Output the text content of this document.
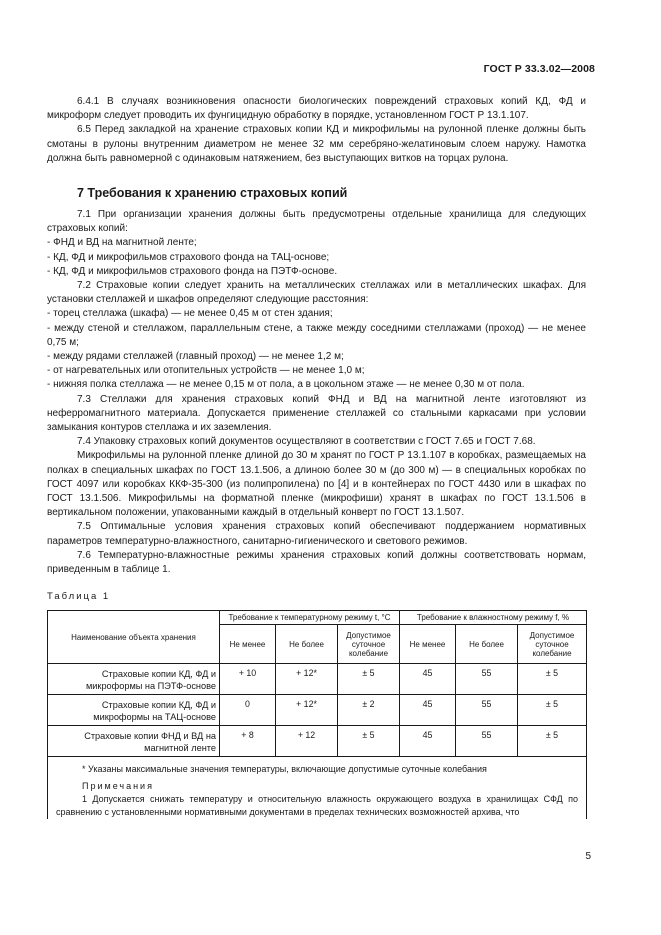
ГОСТ Р 33.3.02—2008

6.4.1 В случаях возникновения опасности биологических повреждений страховых копий КД, ФД и микроформ следует проводить их фунгицидную обработку в порядке, установленном ГОСТ Р 13.1.107.

6.5 Перед закладкой на хранение страховых копии КД и микрофильмы на рулонной пленке должны быть смотаны в рулоны внутренним диаметром не менее 32 мм серебряно-желатиновым слоем наружу. Намотка должна быть равномерной с одинаковым натяжением, без выступающих витков на торцах рулона.

7 Требования к хранению страховых копий

7.1 При организации хранения должны быть предусмотрены отдельные хранилища для следующих страховых копий:

- ФНД и ВД на магнитной ленте;

- КД, ФД и микрофильмов страхового фонда на ТАЦ-основе;

- КД, ФД и микрофильмов страхового фонда на ПЭТФ-основе.

7.2 Страховые копии следует хранить на металлических стеллажах или в металлических шкафах. Для установки стеллажей и шкафов определяют следующие расстояния:

- торец стеллажа (шкафа) — не менее 0,45 м от стен здания;

- между стеной и стеллажом, параллельным стене, а также между соседними стеллажами (проход) — не менее 0,75 м;

- между рядами стеллажей (главный проход) — не менее 1,2 м;

- от нагревательных или отопительных устройств — не менее 1,0 м;

- нижняя полка стеллажа — не менее 0,15 м от пола, а в цокольном этаже — не менее 0,30 м от пола.

7.3 Стеллажи для хранения страховых копий ФНД и ВД на магнитной ленте изготовляют из неферромагнитного материала. Допускается применение стеллажей со стальными каркасами при условии замыкания контуров стеллажа и их заземления.

7.4 Упаковку страховых копий документов осуществляют в соответствии с ГОСТ 7.65 и ГОСТ 7.68.

Микрофильмы на рулонной пленке длиной до 30 м хранят по ГОСТ Р 13.1.107 в коробках, размещаемых на полках в специальных шкафах по ГОСТ 13.1.506, а длиною более 30 м (до 300 м) — в специальных коробках по ГОСТ 4097 или коробках ККФ-35-300 (из полипропилена) по [4] и в контейнерах по ГОСТ 4430 или в шкафах по ГОСТ 13.1.506. Микрофильмы на форматной пленке (микрофиши) хранят в шкафах по ГОСТ 13.1.506 в вертикальном положении, упакованными каждый в отдельный конверт по ГОСТ 13.1.507.

7.5 Оптимальные условия хранения страховых копий обеспечивают поддержанием нормативных параметров температурно-влажностного, санитарно-гигиенического и светового режимов.

7.6 Температурно-влажностные режимы хранения страховых копий должны соответствовать нормам, приведенным в таблице 1.

Таблица 1
Наименование объекта хранения	Требование к температурному режиму t, °C			Требование к влажностному режиму f, %		
	Не менее	Не более	Допустимое суточное колебание	Не менее	Не более	Допустимое суточное колебание
Страховые копии КД, ФД и микроформы на ПЭТФ-основе	+ 10	+ 12*	± 5	45	55	± 5
Страховые копии КД, ФД и микроформы на ТАЦ-основе	0	+ 12*	± 2	45	55	± 5
Страховые копии ФНД и ВД на магнитной ленте	+ 8	+ 12	± 5	45	55	± 5

* Указаны максимальные значения температуры, включающие допустимые суточные колебания
Примечания
1 Допускается снижать температуру и относительную влажность окружающего воздуха в хранилищах СФД по сравнению с установленными нормативными документами в пределах технических возможностей архива, что						
5
